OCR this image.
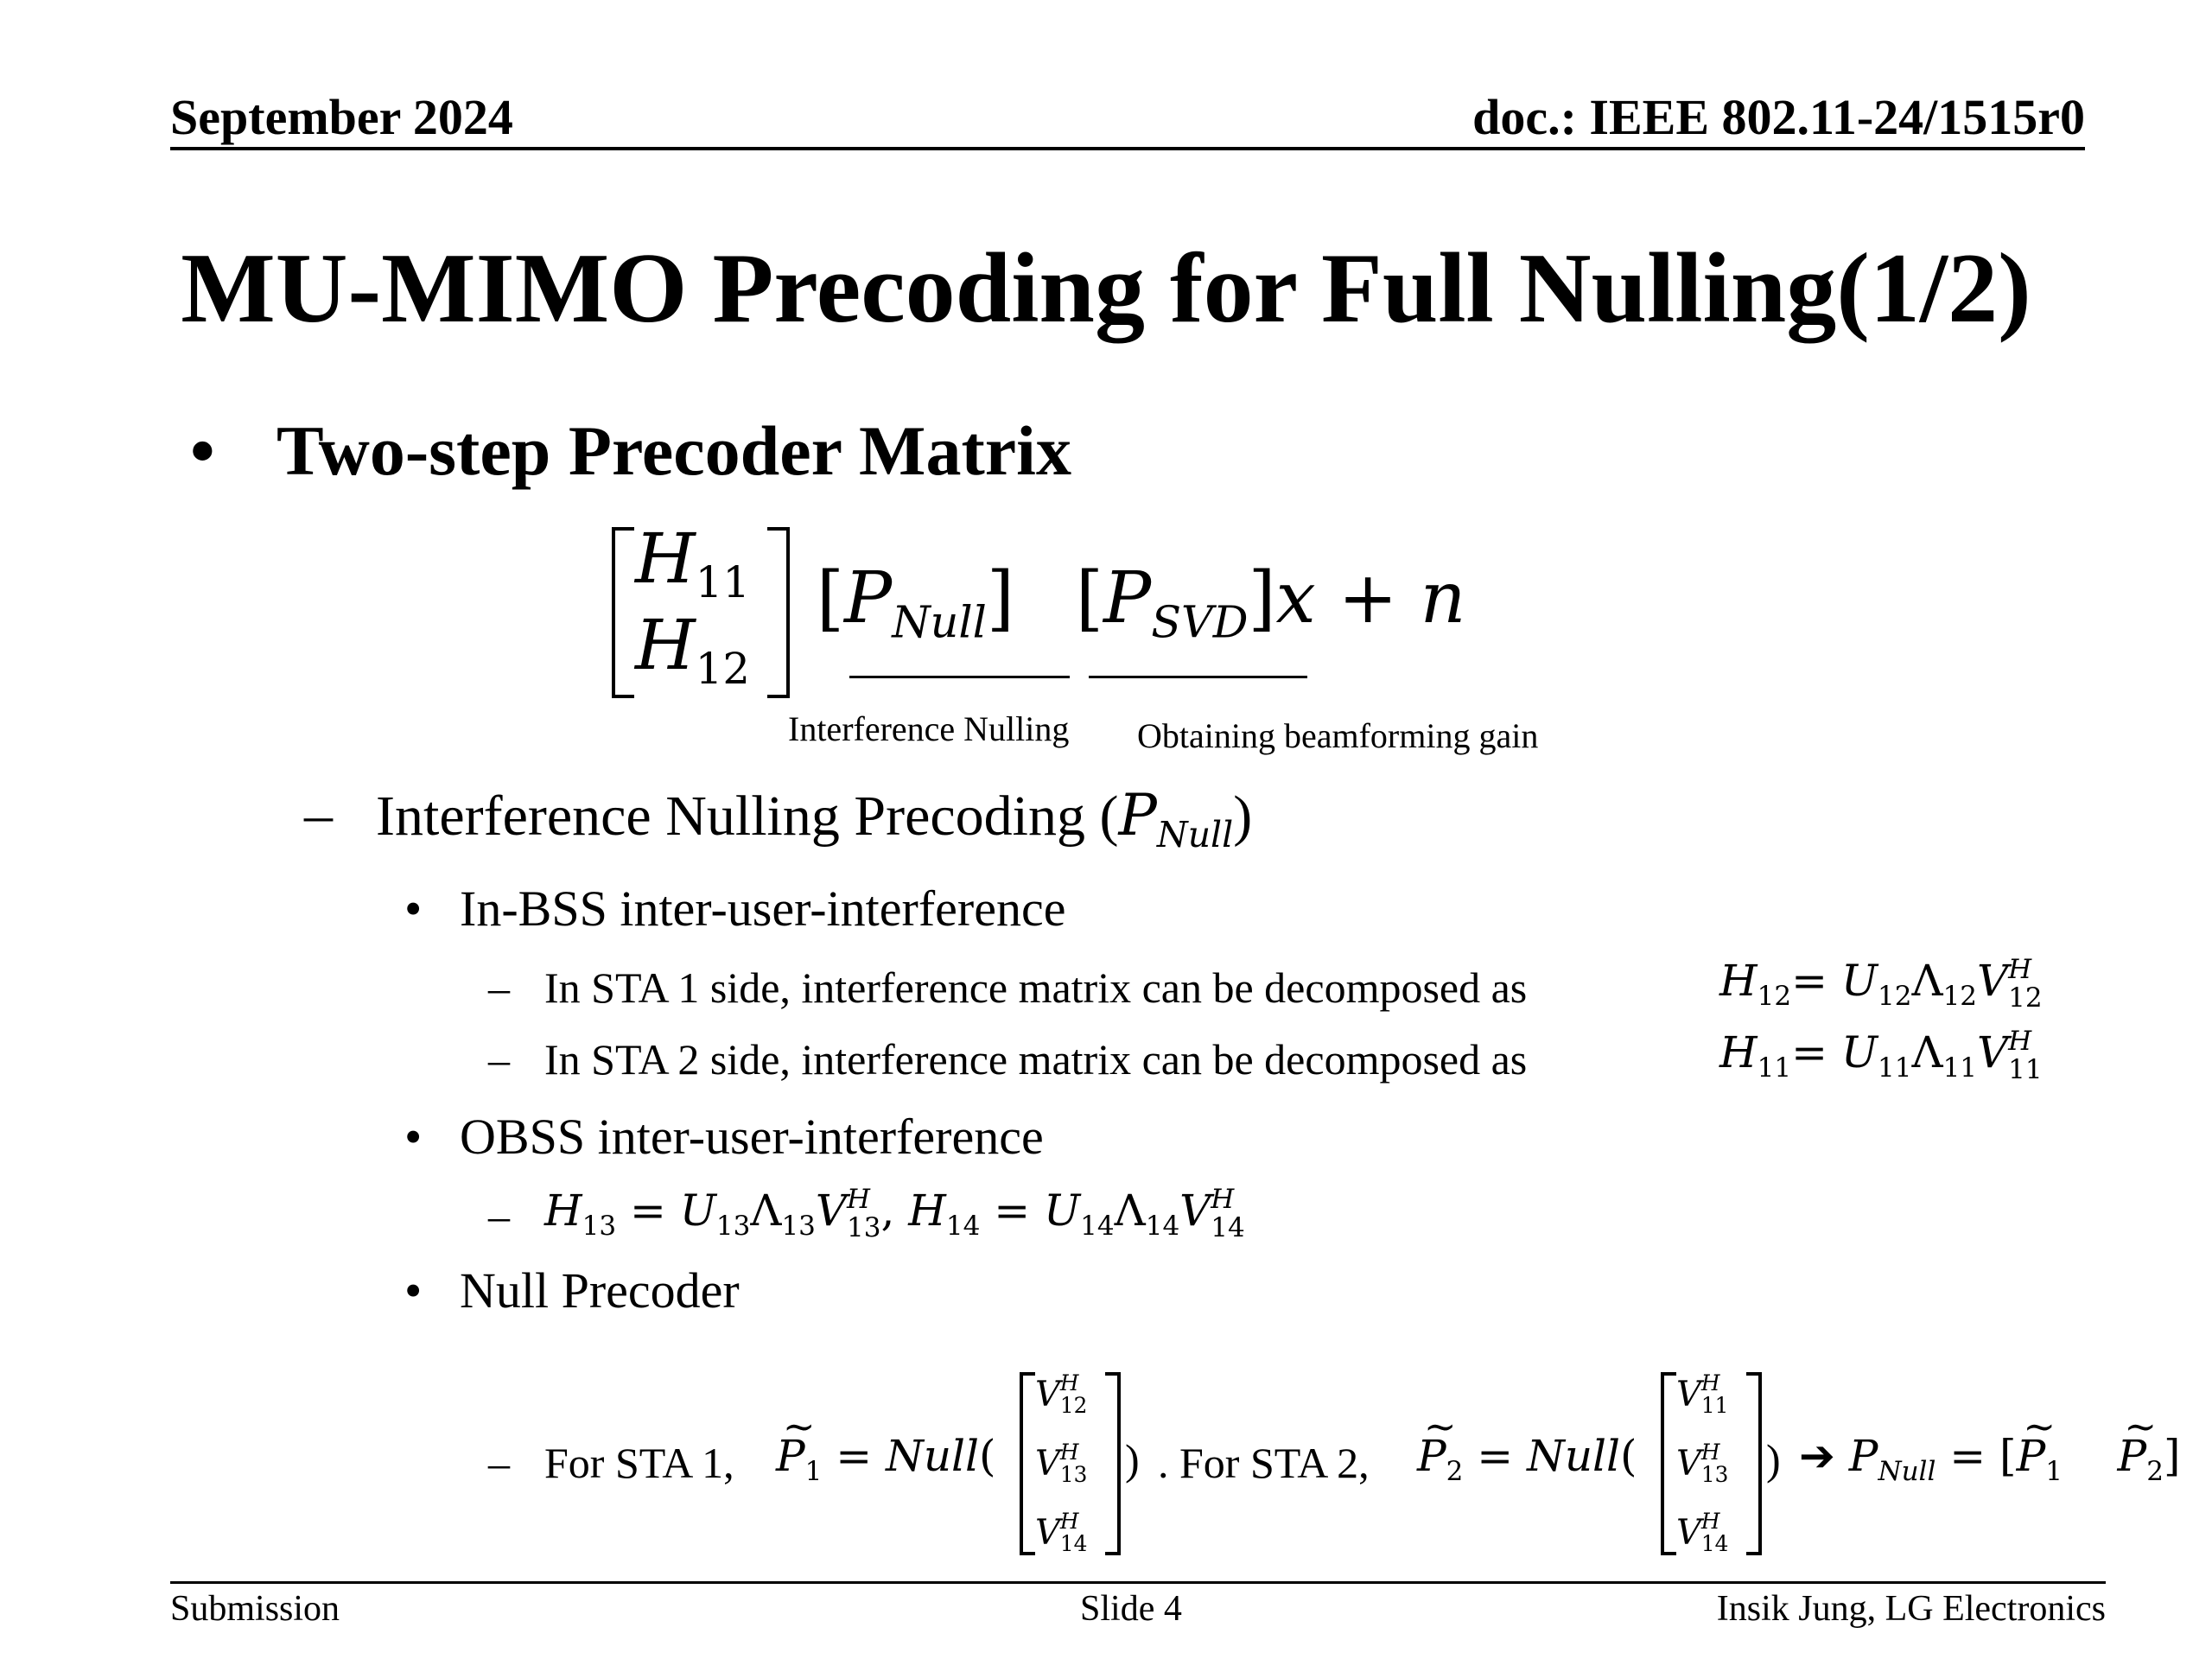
September 2024	doc.: IEEE 802.11-24/1515r0
MU-MIMO Precoding for Full Nulling(1/2)
• Two-step Precoder Matrix
$H_{11}$
$H_{12}$
$[P_{Null}] [P_{SVD}]x + n$
Interference Nulling Obtaining beamforming gain
– Interference Nulling Precoding $(P_{Null})$
• In-BSS inter-user-interference
– In STA 1 side, interference matrix can be decomposed as	$H_{12}= U_{12}\Lambda_{12}V$ H
12
– In STA 2 side, interference matrix can be decomposed as	$H_{11}= U_{11}\Lambda_{11}V$ H
11
• OBSS inter-user-interference
– $H_{13} = U_{13}\Lambda_{13}V$ H
13 , $H_{14} = U_{14}\Lambda_{14}V$ H
14
• Null Precoder
– For STA 1, ~ $P_1$ = Null(
V H
12
V H
13
V H
14
) . For STA 2, ~ $P_2$ = Null(
V H
11
V H
13
V H
14
) ➔ $P_{Null}$ = [~ $P_1$ ~ $P_2$]
Submission	Slide 4	Insik Jung, LG Electronics
